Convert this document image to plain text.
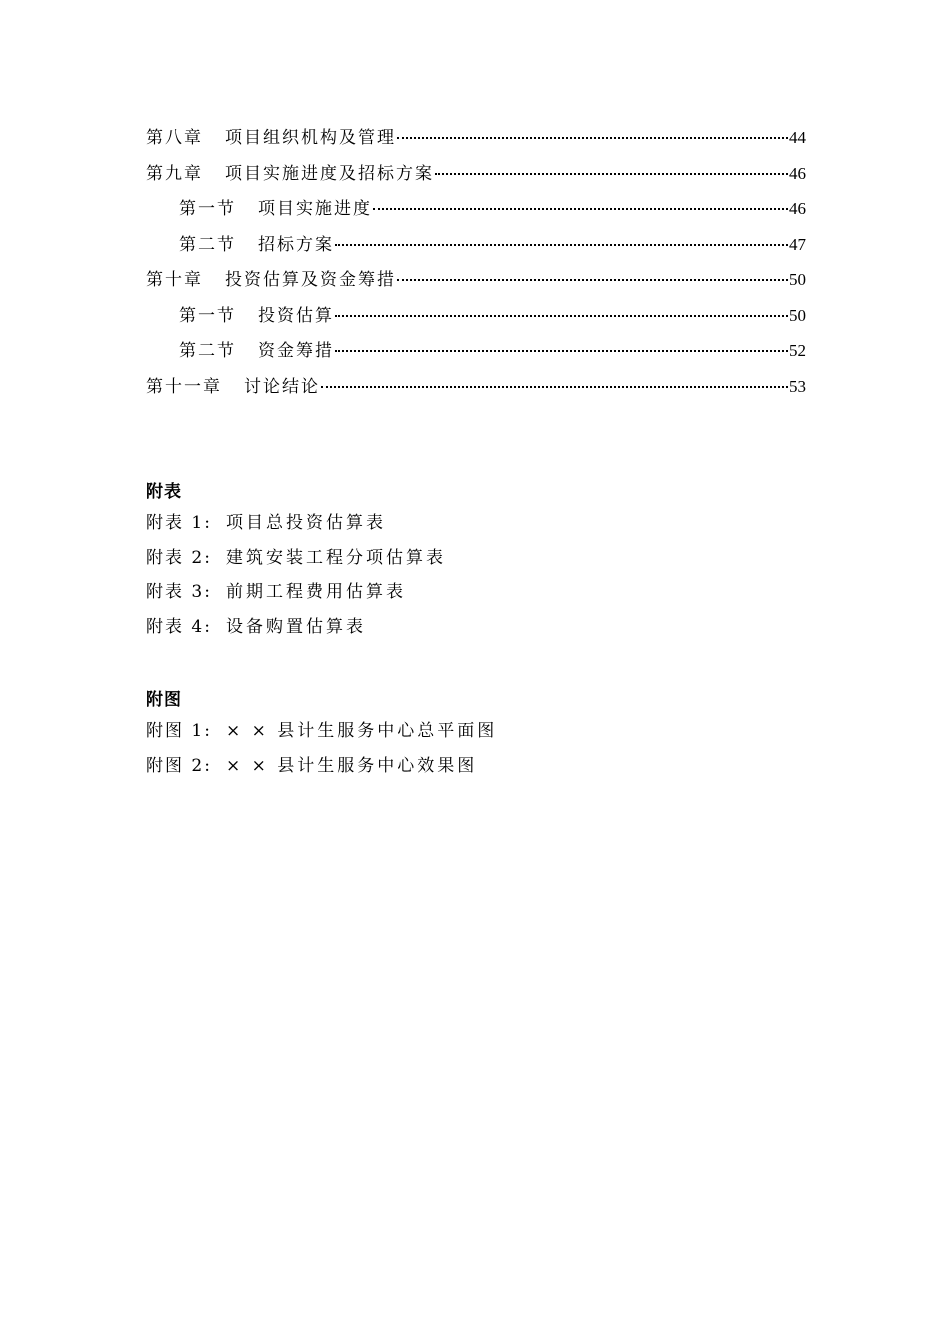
第八章 项目组织机构及管理	44
第九章 项目实施进度及招标方案	46
第一节 项目实施进度	46
第二节 招标方案	47
第十章 投资估算及资金筹措	50
第一节 投资估算	50
第二节 资金筹措	52
第十一章 讨论结论	53
附表
附表 1: 项目总投资估算表
附表 2: 建筑安装工程分项估算表
附表 3: 前期工程费用估算表
附表 4: 设备购置估算表
附图
附图 1: × × 县计生服务中心总平面图
附图 2: × × 县计生服务中心效果图
